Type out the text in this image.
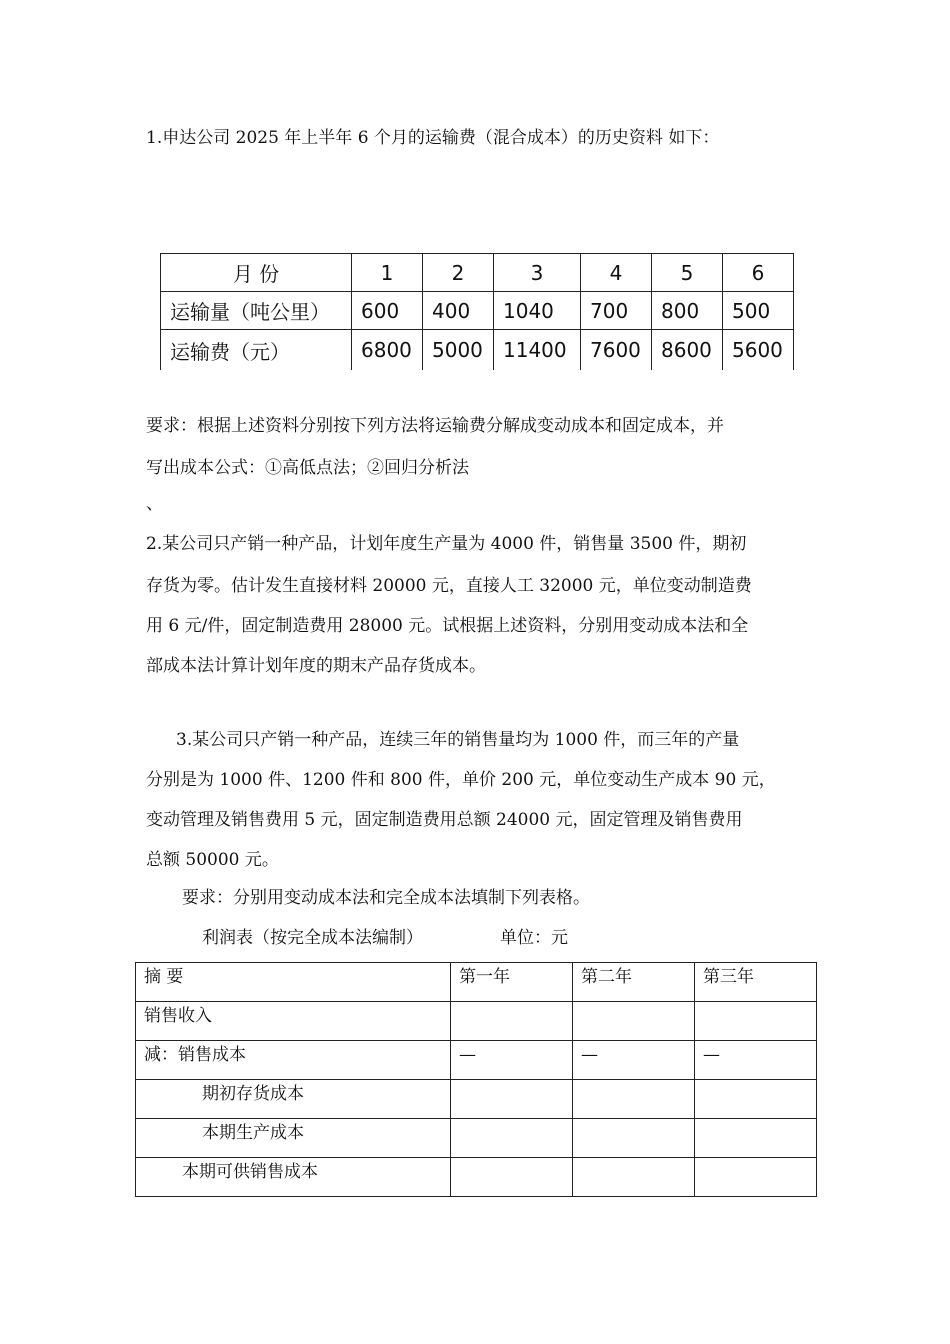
1.申达公司 2025 年上半年 6 个月的运输费（混合成本）的历史资料 如下：
月 份	1	2	3	4	5	6
运输量（吨公里）	600	400	1040	700	800	500
运输费（元）	6800	5000	11400	7600	8600	5600
要求：根据上述资料分别按下列方法将运输费分解成变动成本和固定成本，并
写出成本公式：①高低点法；②回归分析法
、
2.某公司只产销一种产品，计划年度生产量为 4000 件，销售量 3500 件，期初
存货为零。估计发生直接材料 20000 元，直接人工 32000 元，单位变动制造费
用 6 元/件，固定制造费用 28000 元。试根据上述资料，分别用变动成本法和全
部成本法计算计划年度的期末产品存货成本。
3.某公司只产销一种产品，连续三年的销售量均为 1000 件，而三年的产量
分别是为 1000 件、1200 件和 800 件，单价 200 元，单位变动生产成本 90 元，
变动管理及销售费用 5 元，固定制造费用总额 24000 元，固定管理及销售费用
总额 50000 元。
要求：分别用变动成本法和完全成本法填制下列表格。
利润表（按完全成本法编制）	单位：元
摘 要	第一年	第二年	第三年
销售收入			
减：销售成本	—	—	—
期初存货成本			
本期生产成本			
本期可供销售成本			
